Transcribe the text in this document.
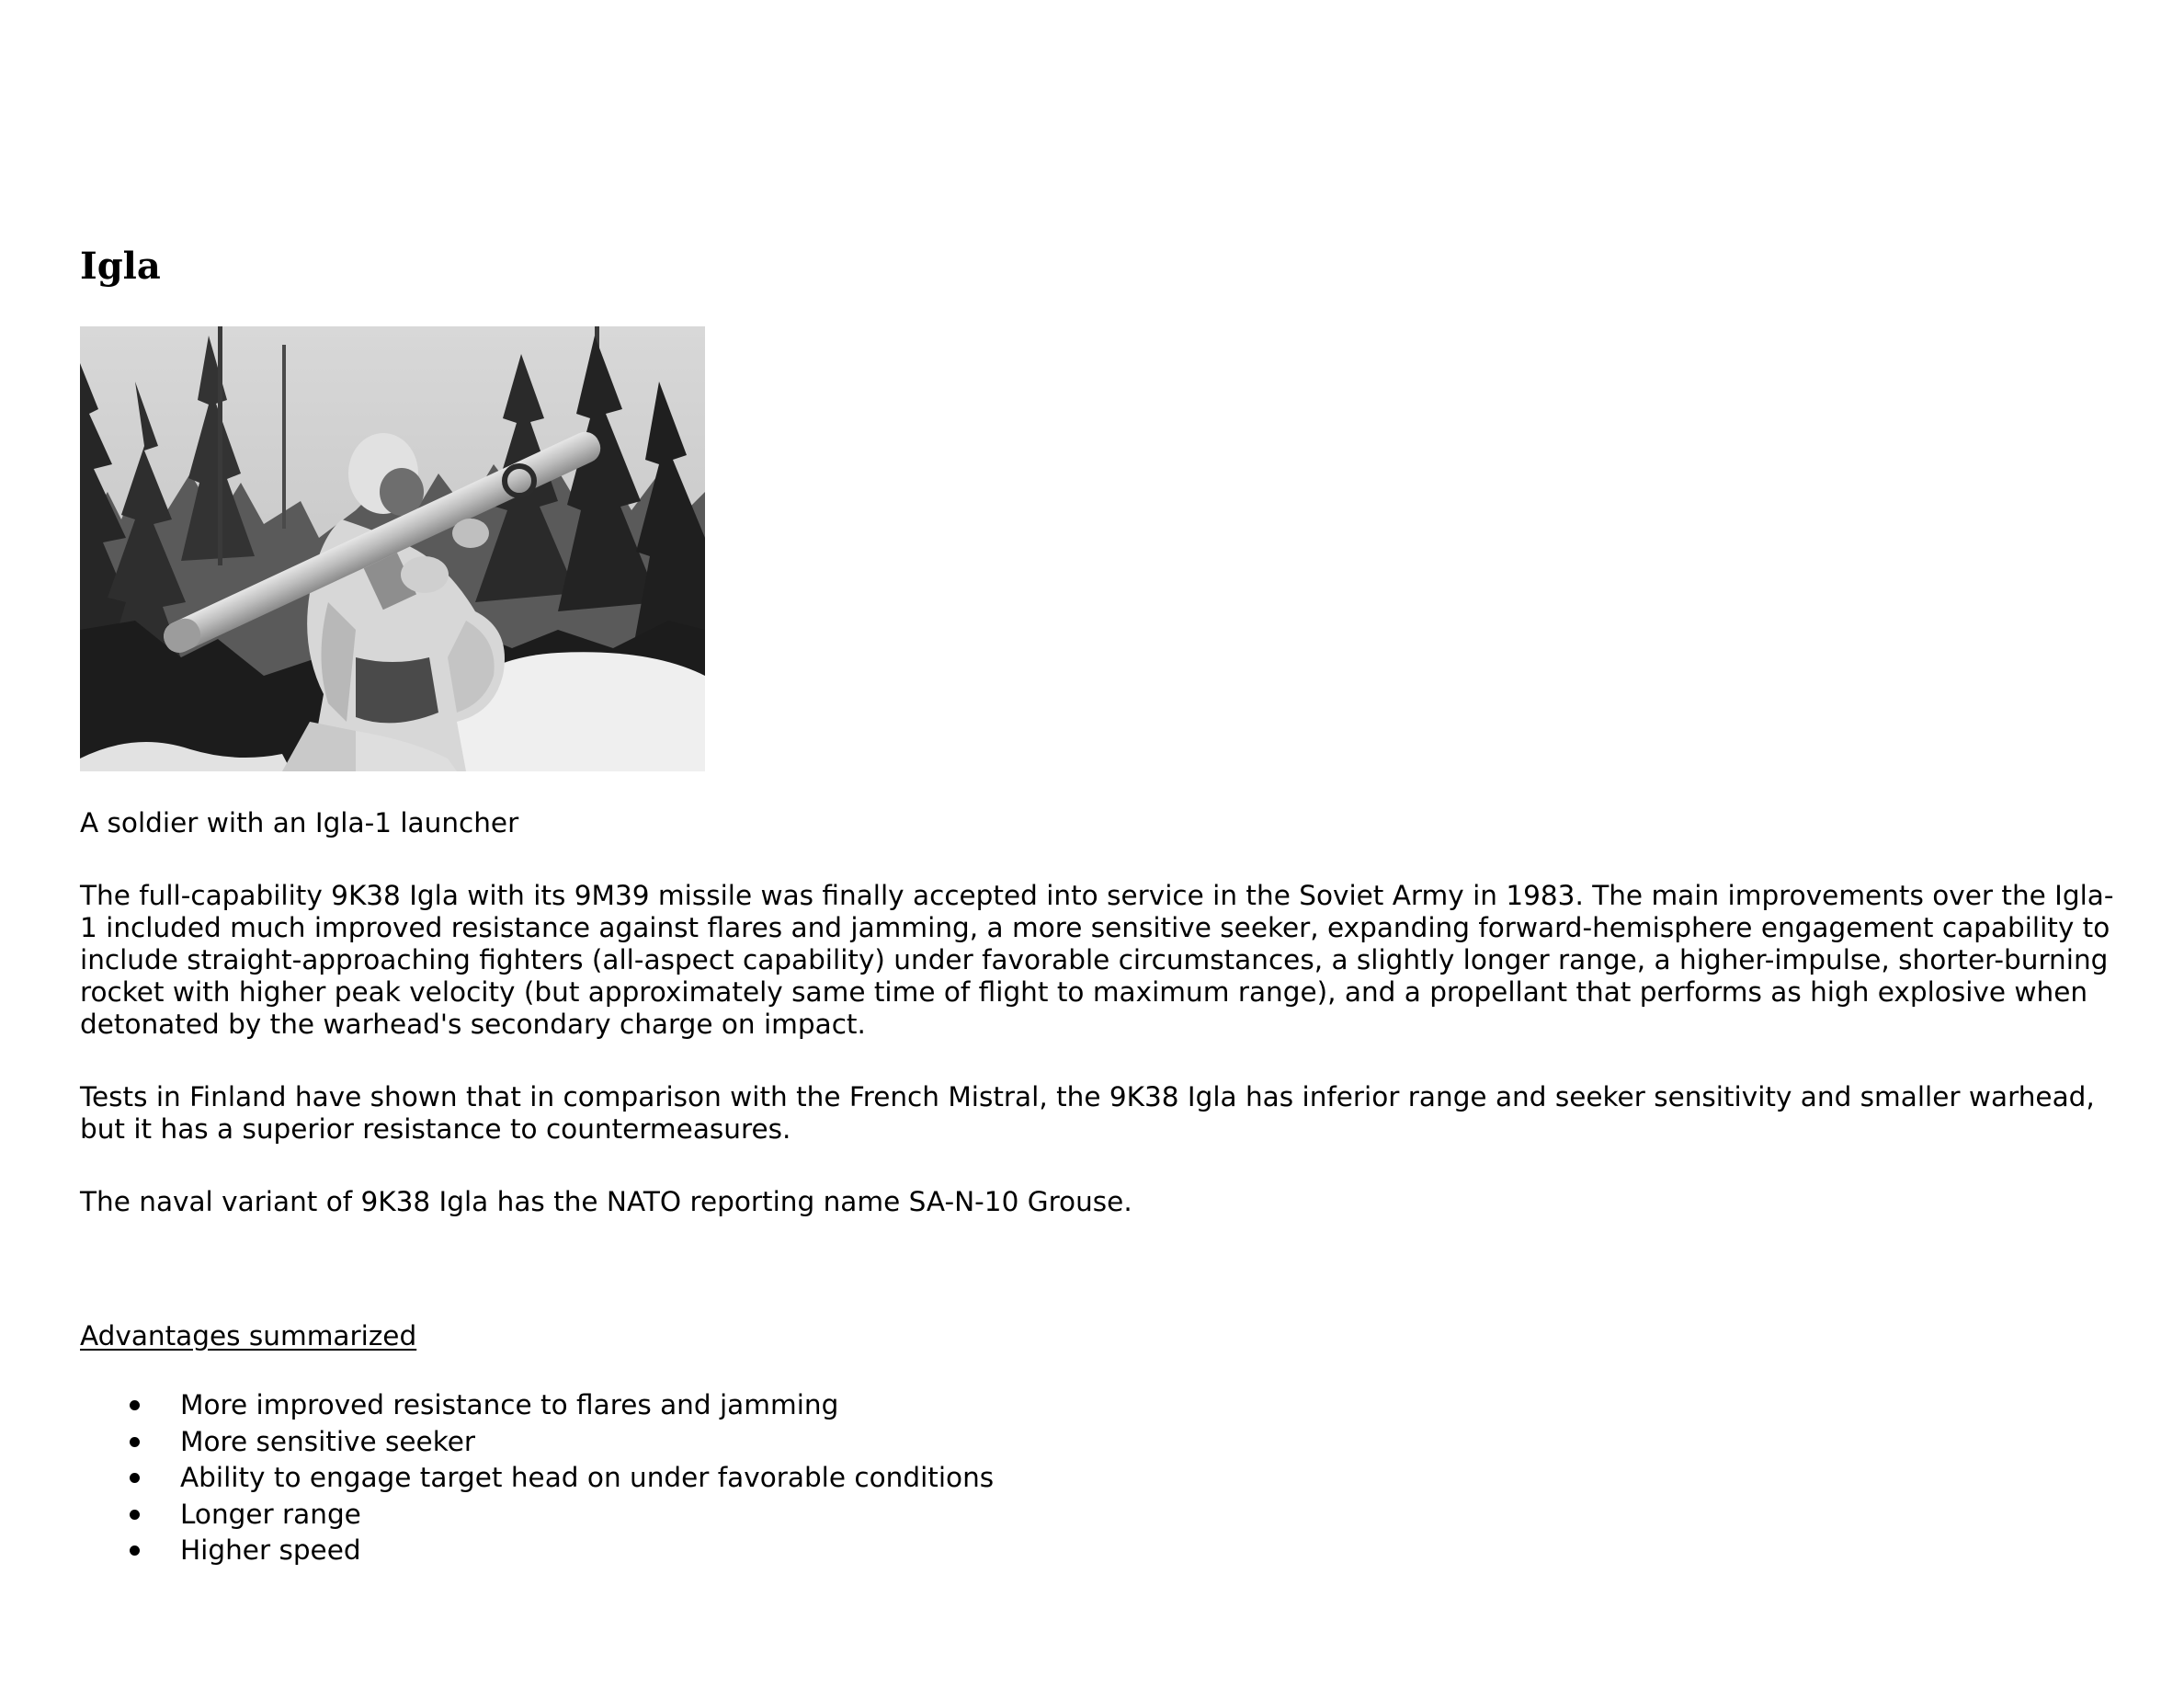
Igla

A soldier with an Igla-1 launcher

The full-capability 9K38 Igla with its 9M39 missile was finally accepted into service in the Soviet Army in 1983. The main improvements over the Igla-1 included much improved resistance against flares and jamming, a more sensitive seeker, expanding forward-hemisphere engagement capability to include straight-approaching fighters (all-aspect capability) under favorable circumstances, a slightly longer range, a higher-impulse, shorter-burning rocket with higher peak velocity (but approximately same time of flight to maximum range), and a propellant that performs as high explosive when detonated by the warhead's secondary charge on impact.

Tests in Finland have shown that in comparison with the French Mistral, the 9K38 Igla has inferior range and seeker sensitivity and smaller warhead, but it has a superior resistance to countermeasures.

The naval variant of 9K38 Igla has the NATO reporting name SA-N-10 Grouse.

Advantages summarized

More improved resistance to flares and jamming
More sensitive seeker
Ability to engage target head on under favorable conditions
Longer range
Higher speed
